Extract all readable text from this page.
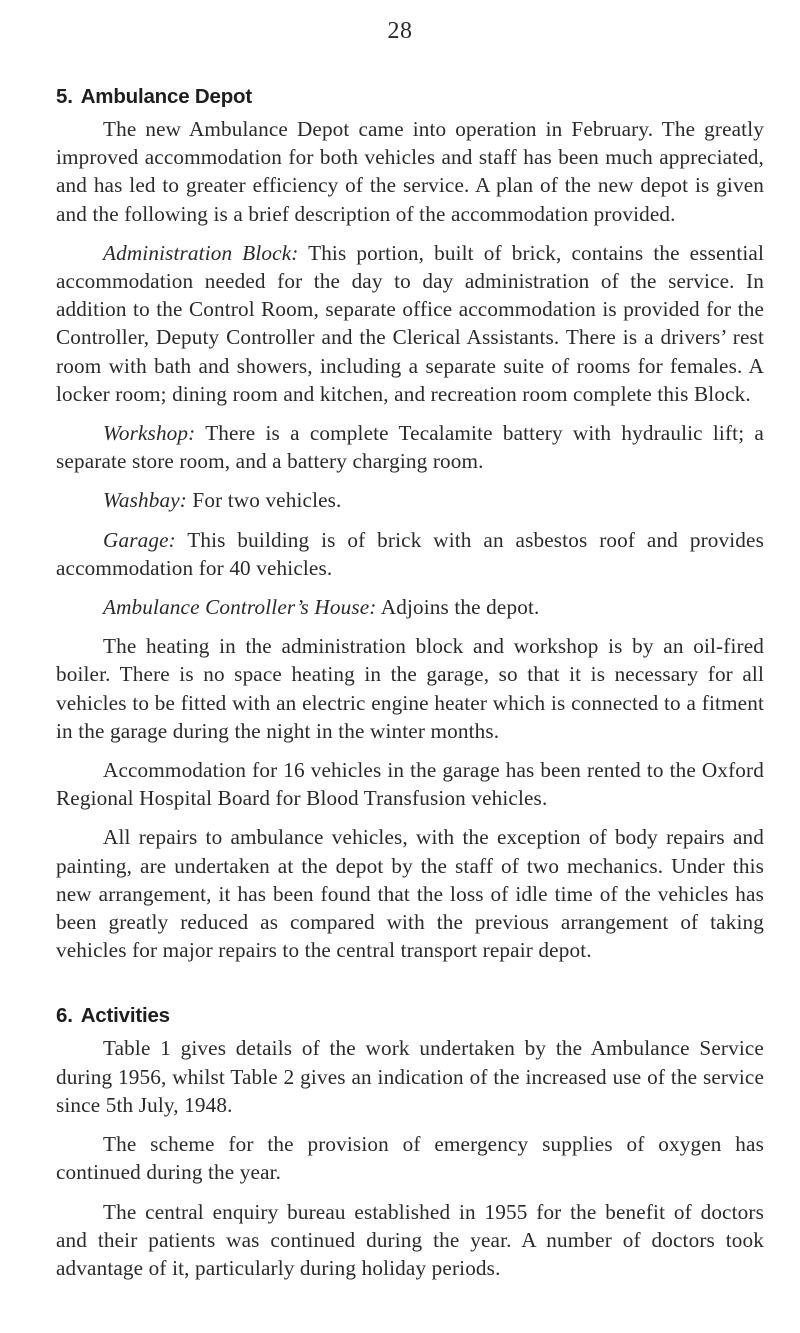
28
5. Ambulance Depot

The new Ambulance Depot came into operation in February. The greatly improved accommodation for both vehicles and staff has been much appreciated, and has led to greater efficiency of the service. A plan of the new depot is given and the following is a brief description of the accommodation provided.

Administration Block: This portion, built of brick, contains the essential accommodation needed for the day to day administration of the service. In addition to the Control Room, separate office accommodation is provided for the Controller, Deputy Controller and the Clerical Assistants. There is a drivers’ rest room with bath and showers, including a separate suite of rooms for females. A locker room; dining room and kitchen, and recreation room complete this Block.

Workshop: There is a complete Tecalamite battery with hydraulic lift; a separate store room, and a battery charging room.

Washbay: For two vehicles.

Garage: This building is of brick with an asbestos roof and provides accommodation for 40 vehicles.

Ambulance Controller’s House: Adjoins the depot.

The heating in the administration block and workshop is by an oil-fired boiler. There is no space heating in the garage, so that it is necessary for all vehicles to be fitted with an electric engine heater which is connected to a fitment in the garage during the night in the winter months.

Accommodation for 16 vehicles in the garage has been rented to the Oxford Regional Hospital Board for Blood Transfusion vehicles.

All repairs to ambulance vehicles, with the exception of body repairs and painting, are undertaken at the depot by the staff of two mechanics. Under this new arrangement, it has been found that the loss of idle time of the vehicles has been greatly reduced as compared with the previous arrangement of taking vehicles for major repairs to the central transport repair depot.

6. Activities

Table 1 gives details of the work undertaken by the Ambulance Service during 1956, whilst Table 2 gives an indication of the increased use of the service since 5th July, 1948.

The scheme for the provision of emergency supplies of oxygen has continued during the year.

The central enquiry bureau established in 1955 for the benefit of doctors and their patients was continued during the year. A number of doctors took advantage of it, particularly during holiday periods.
